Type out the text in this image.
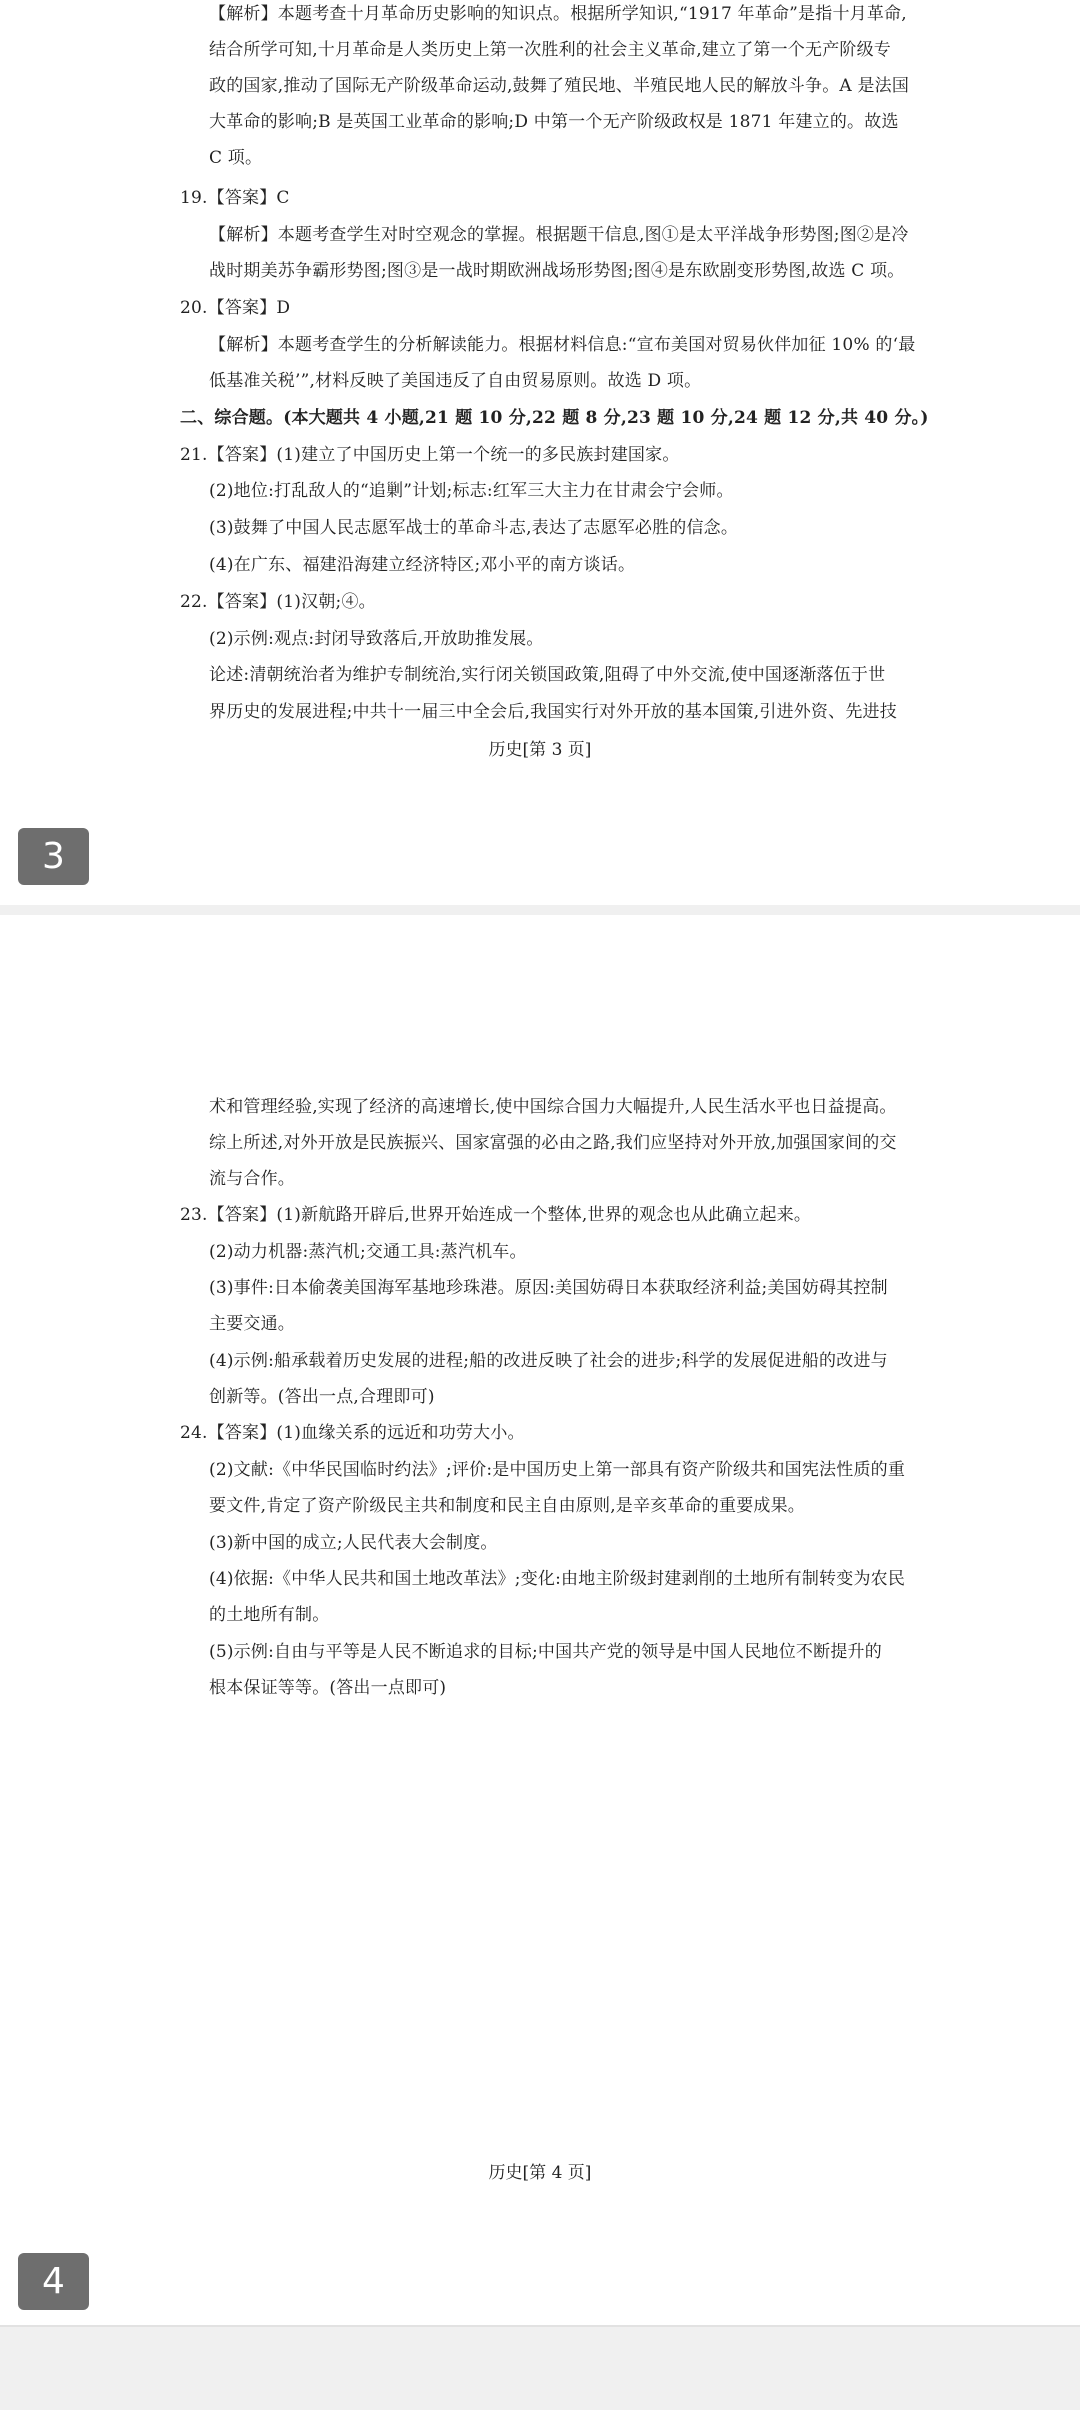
【解析】本题考查十月革命历史影响的知识点。根据所学知识,“1917 年革命”是指十月革命,
结合所学可知,十月革命是人类历史上第一次胜利的社会主义革命,建立了第一个无产阶级专
政的国家,推动了国际无产阶级革命运动,鼓舞了殖民地、半殖民地人民的解放斗争。A 是法国
大革命的影响;B 是英国工业革命的影响;D 中第一个无产阶级政权是 1871 年建立的。故选
C 项。
19.【答案】C
【解析】本题考查学生对时空观念的掌握。根据题干信息,图①是太平洋战争形势图;图②是冷
战时期美苏争霸形势图;图③是一战时期欧洲战场形势图;图④是东欧剧变形势图,故选 C 项。
20.【答案】D
【解析】本题考查学生的分析解读能力。根据材料信息:“宣布美国对贸易伙伴加征 10% 的‘最
低基准关税’”,材料反映了美国违反了自由贸易原则。故选 D 项。
二、综合题。(本大题共 4 小题,21 题 10 分,22 题 8 分,23 题 10 分,24 题 12 分,共 40 分。)
21.【答案】(1)建立了中国历史上第一个统一的多民族封建国家。
(2)地位:打乱敌人的“追剿”计划;标志:红军三大主力在甘肃会宁会师。
(3)鼓舞了中国人民志愿军战士的革命斗志,表达了志愿军必胜的信念。
(4)在广东、福建沿海建立经济特区;邓小平的南方谈话。
22.【答案】(1)汉朝;④。
(2)示例:观点:封闭导致落后,开放助推发展。
论述:清朝统治者为维护专制统治,实行闭关锁国政策,阻碍了中外交流,使中国逐渐落伍于世
界历史的发展进程;中共十一届三中全会后,我国实行对外开放的基本国策,引进外资、先进技
历史[第 3 页]
3
术和管理经验,实现了经济的高速增长,使中国综合国力大幅提升,人民生活水平也日益提高。
综上所述,对外开放是民族振兴、国家富强的必由之路,我们应坚持对外开放,加强国家间的交
流与合作。
23.【答案】(1)新航路开辟后,世界开始连成一个整体,世界的观念也从此确立起来。
(2)动力机器:蒸汽机;交通工具:蒸汽机车。
(3)事件:日本偷袭美国海军基地珍珠港。原因:美国妨碍日本获取经济利益;美国妨碍其控制
主要交通。
(4)示例:船承载着历史发展的进程;船的改进反映了社会的进步;科学的发展促进船的改进与
创新等。(答出一点,合理即可)
24.【答案】(1)血缘关系的远近和功劳大小。
(2)文献:《中华民国临时约法》;评价:是中国历史上第一部具有资产阶级共和国宪法性质的重
要文件,肯定了资产阶级民主共和制度和民主自由原则,是辛亥革命的重要成果。
(3)新中国的成立;人民代表大会制度。
(4)依据:《中华人民共和国土地改革法》;变化:由地主阶级封建剥削的土地所有制转变为农民
的土地所有制。
(5)示例:自由与平等是人民不断追求的目标;中国共产党的领导是中国人民地位不断提升的
根本保证等等。(答出一点即可)
历史[第 4 页]
4
